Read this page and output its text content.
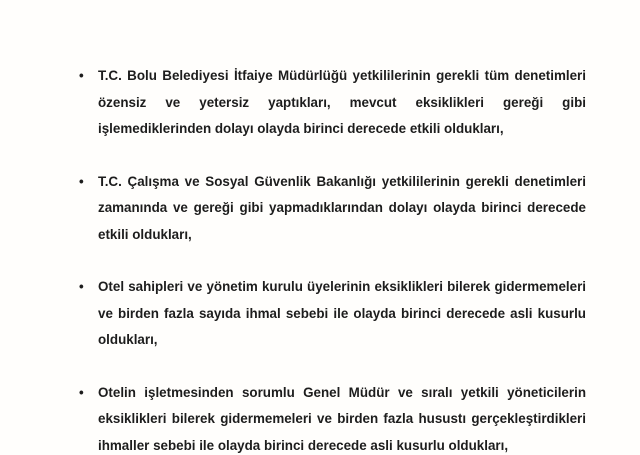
•	T.C. Bolu Belediyesi İtfaiye Müdürlüğü yetkililerinin gerekli tüm denetimleri özensiz ve yetersiz yaptıkları, mevcut eksiklikleri gereği gibi işlemediklerinden dolayı olayda birinci derecede etkili oldukları,
•	T.C. Çalışma ve Sosyal Güvenlik Bakanlığı yetkililerinin gerekli denetimleri zamanında ve gereği gibi yapmadıklarından dolayı olayda birinci derecede etkili oldukları,
•	Otel sahipleri ve yönetim kurulu üyelerinin eksiklikleri bilerek gidermemeleri ve birden fazla sayıda ihmal sebebi ile olayda birinci derecede asli kusurlu oldukları,
•	Otelin işletmesinden sorumlu Genel Müdür ve sıralı yetkili yöneticilerin eksiklikleri bilerek gidermemeleri ve birden fazla husustı gerçekleştirdikleri ihmaller sebebi ile olayda birinci derecede asli kusurlu oldukları,
